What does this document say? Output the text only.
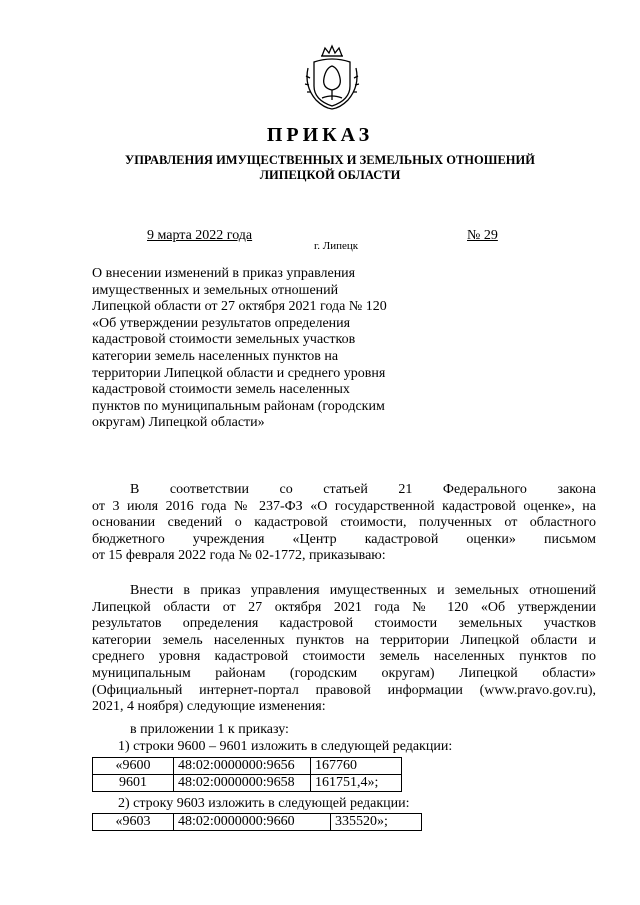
ПРИКАЗ
УПРАВЛЕНИЯ ИМУЩЕСТВЕННЫХ И ЗЕМЕЛЬНЫХ ОТНОШЕНИЙ
ЛИПЕЦКОЙ ОБЛАСТИ
9 марта 2022 года
г. Липецк
№ 29
О внесении изменений в приказ управления
имущественных и земельных отношений
Липецкой области от 27 октября 2021 года № 120
«Об утверждении результатов определения
кадастровой стоимости земельных участков
категории земель населенных пунктов на
территории Липецкой области и среднего уровня
кадастровой стоимости земель населенных
пунктов по муниципальным районам (городским
округам) Липецкой области»
В соответствии со статьей 21 Федерального закона
от 3 июля 2016 года № 237-ФЗ «О государственной кадастровой оценке», на
основании сведений о кадастровой стоимости, полученных от областного
бюджетного учреждения «Центр кадастровой оценки» письмом
от 15 февраля 2022 года № 02-1772, приказываю:
Внести в приказ управления имущественных и земельных отношений
Липецкой области от 27 октября 2021 года № 120 «Об утверждении
результатов определения кадастровой стоимости земельных участков
категории земель населенных пунктов на территории Липецкой области и
среднего уровня кадастровой стоимости земель населенных пунктов по
муниципальным районам (городским округам) Липецкой области»
(Официальный интернет-портал правовой информации (www.pravo.gov.ru),
2021, 4 ноября) следующие изменения:
в приложении 1 к приказу:
1) строки 9600 – 9601 изложить в следующей редакции:
«9600	48:02:0000000:9656	167760
9601	48:02:0000000:9658	161751,4»;
2) строку 9603 изложить в следующей редакции:
«9603	48:02:0000000:9660	335520»;
